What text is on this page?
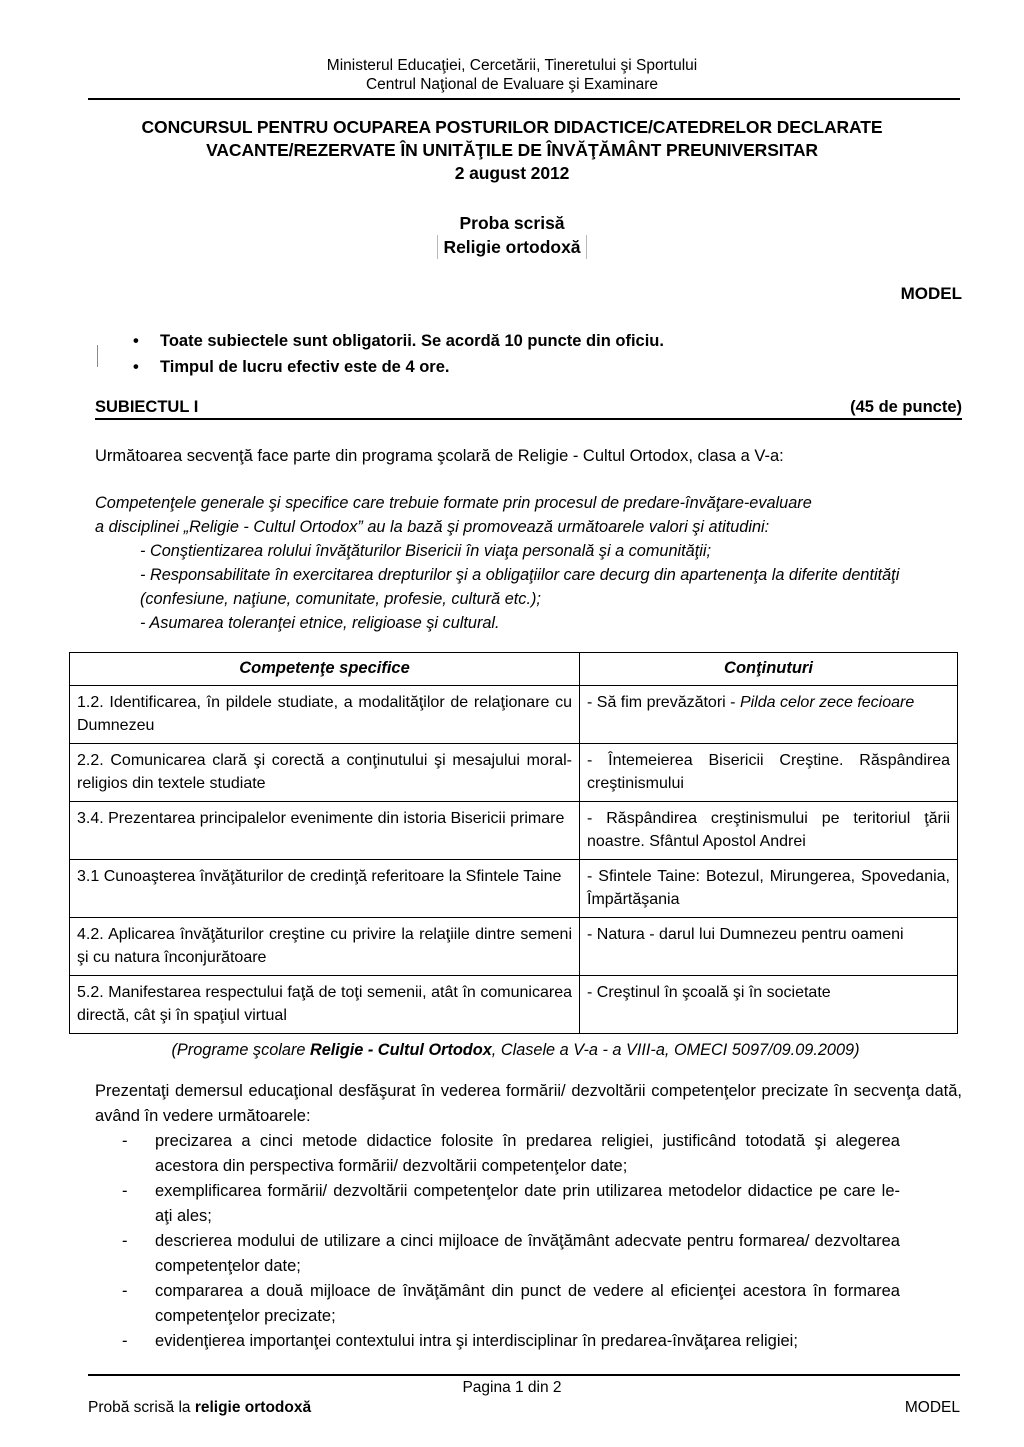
Ministerul Educaţiei, Cercetării, Tineretului şi Sportului
Centrul Naţional de Evaluare şi Examinare
CONCURSUL PENTRU OCUPAREA POSTURILOR DIDACTICE/CATEDRELOR DECLARATE
VACANTE/REZERVATE ÎN UNITĂŢILE DE ÎNVĂŢĂMÂNT PREUNIVERSITAR
2 august 2012
Proba scrisă
Religie ortodoxă
MODEL
• Toate subiectele sunt obligatorii. Se acordă 10 puncte din oficiu.
• Timpul de lucru efectiv este de 4 ore.
SUBIECTUL I	(45 de puncte)
Următoarea secvenţă face parte din programa şcolară de Religie - Cultul Ortodox, clasa a V-a:
Competenţele generale şi specifice care trebuie formate prin procesul de predare-învăţare-evaluare
a disciplinei „Religie - Cultul Ortodox” au la bază şi promovează următoarele valori şi atitudini:
- Conştientizarea rolului învăţăturilor Bisericii în viaţa personală şi a comunităţii;
- Responsabilitate în exercitarea drepturilor şi a obligaţiilor care decurg din apartenenţa la diferite dentităţi (confesiune, naţiune, comunitate, profesie, cultură etc.);
- Asumarea toleranţei etnice, religioase şi cultural.
Competenţe specifice	Conţinuturi
1.2. Identificarea, în pildele studiate, a modalităţilor de relaţionare cu Dumnezeu	- Să fim prevăzători - Pilda celor zece fecioare
2.2. Comunicarea clară şi corectă a conţinutului şi mesajului moral-religios din textele studiate	- Întemeierea Bisericii Creştine. Răspândirea creştinismului
3.4. Prezentarea principalelor evenimente din istoria Bisericii primare	- Răspândirea creştinismului pe teritoriul ţării noastre. Sfântul Apostol Andrei
3.1 Cunoaşterea învăţăturilor de credinţă referitoare la Sfintele Taine	- Sfintele Taine: Botezul, Mirungerea, Spovedania, Împărtăşania
4.2. Aplicarea învăţăturilor creştine cu privire la relaţiile dintre semeni şi cu natura înconjurătoare	- Natura - darul lui Dumnezeu pentru oameni
5.2. Manifestarea respectului faţă de toţi semenii, atât în comunicarea directă, cât şi în spaţiul virtual	- Creştinul în şcoală şi în societate
(Programe şcolare Religie - Cultul Ortodox, Clasele a V-a - a VIII-a, OMECI 5097/09.09.2009)
Prezentaţi demersul educaţional desfăşurat în vederea formării/ dezvoltării competenţelor precizate în secvenţa dată, având în vedere următoarele:
- precizarea a cinci metode didactice folosite în predarea religiei, justificând totodată şi alegerea acestora din perspectiva formării/ dezvoltării competenţelor date;
- exemplificarea formării/ dezvoltării competenţelor date prin utilizarea metodelor didactice pe care le-aţi ales;
- descrierea modului de utilizare a cinci mijloace de învăţământ adecvate pentru formarea/ dezvoltarea competenţelor date;
- compararea a două mijloace de învăţământ din punct de vedere al eficienţei acestora în formarea competenţelor precizate;
- evidenţierea importanţei contextului intra şi interdisciplinar în predarea-învăţarea religiei;
Pagina 1 din 2
Probă scrisă la religie ortodoxă	MODEL
